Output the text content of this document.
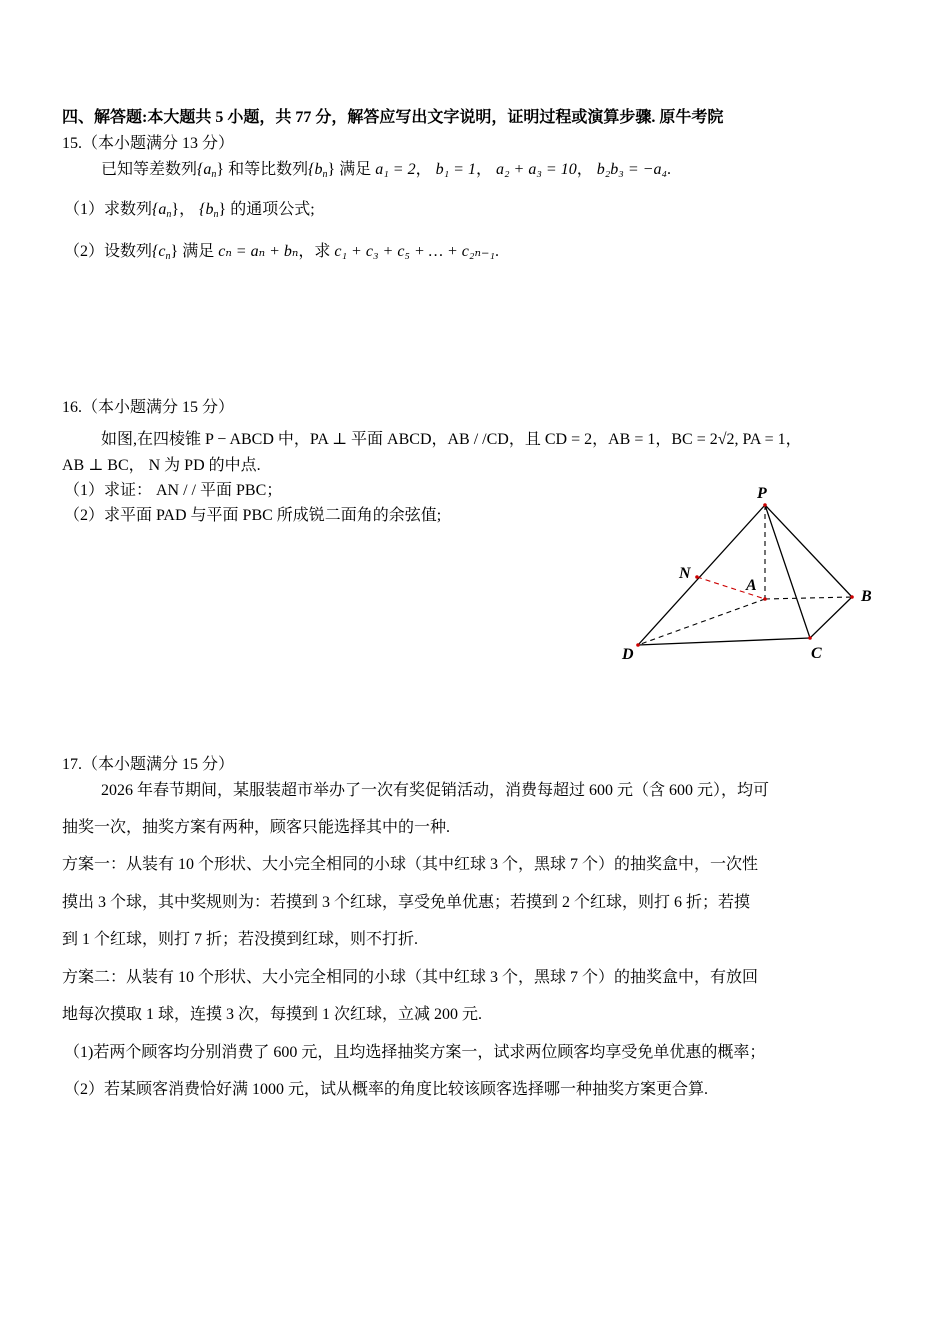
四、解答题:本大题共 5 小题，共 77 分，解答应写出文字说明，证明过程或演算步骤. 原牛考院
15.（本小题满分 13 分）
已知等差数列$\{a_n\}$ 和等比数列$\{b_n\}$ 满足 a₁ = 2， b₁ = 1， a₂ + a₃ = 10， b₂b₃ = −a₄.
（1）求数列$\{a_n\}$， $\{b_n\}$ 的通项公式;
（2）设数列$\{c_n\}$ 满足 cₙ = aₙ + bₙ，求 c₁ + c₃ + c₅ + … + c₂ₙ₋₁.
16.（本小题满分 15 分）
如图,在四棱锥 P − ABCD 中，PA ⊥ 平面 ABCD，AB / /CD，且 CD = 2，AB = 1，BC = 2√2, PA = 1，
AB ⊥ BC， N 为 PD 的中点.
（1）求证： AN / / 平面 PBC；
（2）求平面 PAD 与平面 PBC 所成锐二面角的余弦值;
P
N
A
B
C
D
17.（本小题满分 15 分）
2026 年春节期间，某服装超市举办了一次有奖促销活动，消费每超过 600 元（含 600 元），均可
抽奖一次，抽奖方案有两种，顾客只能选择其中的一种.
方案一：从装有 10 个形状、大小完全相同的小球（其中红球 3 个，黑球 7 个）的抽奖盒中，一次性
摸出 3 个球，其中奖规则为：若摸到 3 个红球，享受免单优惠；若摸到 2 个红球，则打 6 折；若摸
到 1 个红球，则打 7 折；若没摸到红球，则不打折.
方案二：从装有 10 个形状、大小完全相同的小球（其中红球 3 个，黑球 7 个）的抽奖盒中，有放回
地每次摸取 1 球，连摸 3 次，每摸到 1 次红球，立减 200 元.
（1)若两个顾客均分别消费了 600 元，且均选择抽奖方案一，试求两位顾客均享受免单优惠的概率；
（2）若某顾客消费恰好满 1000 元，试从概率的角度比较该顾客选择哪一种抽奖方案更合算.
